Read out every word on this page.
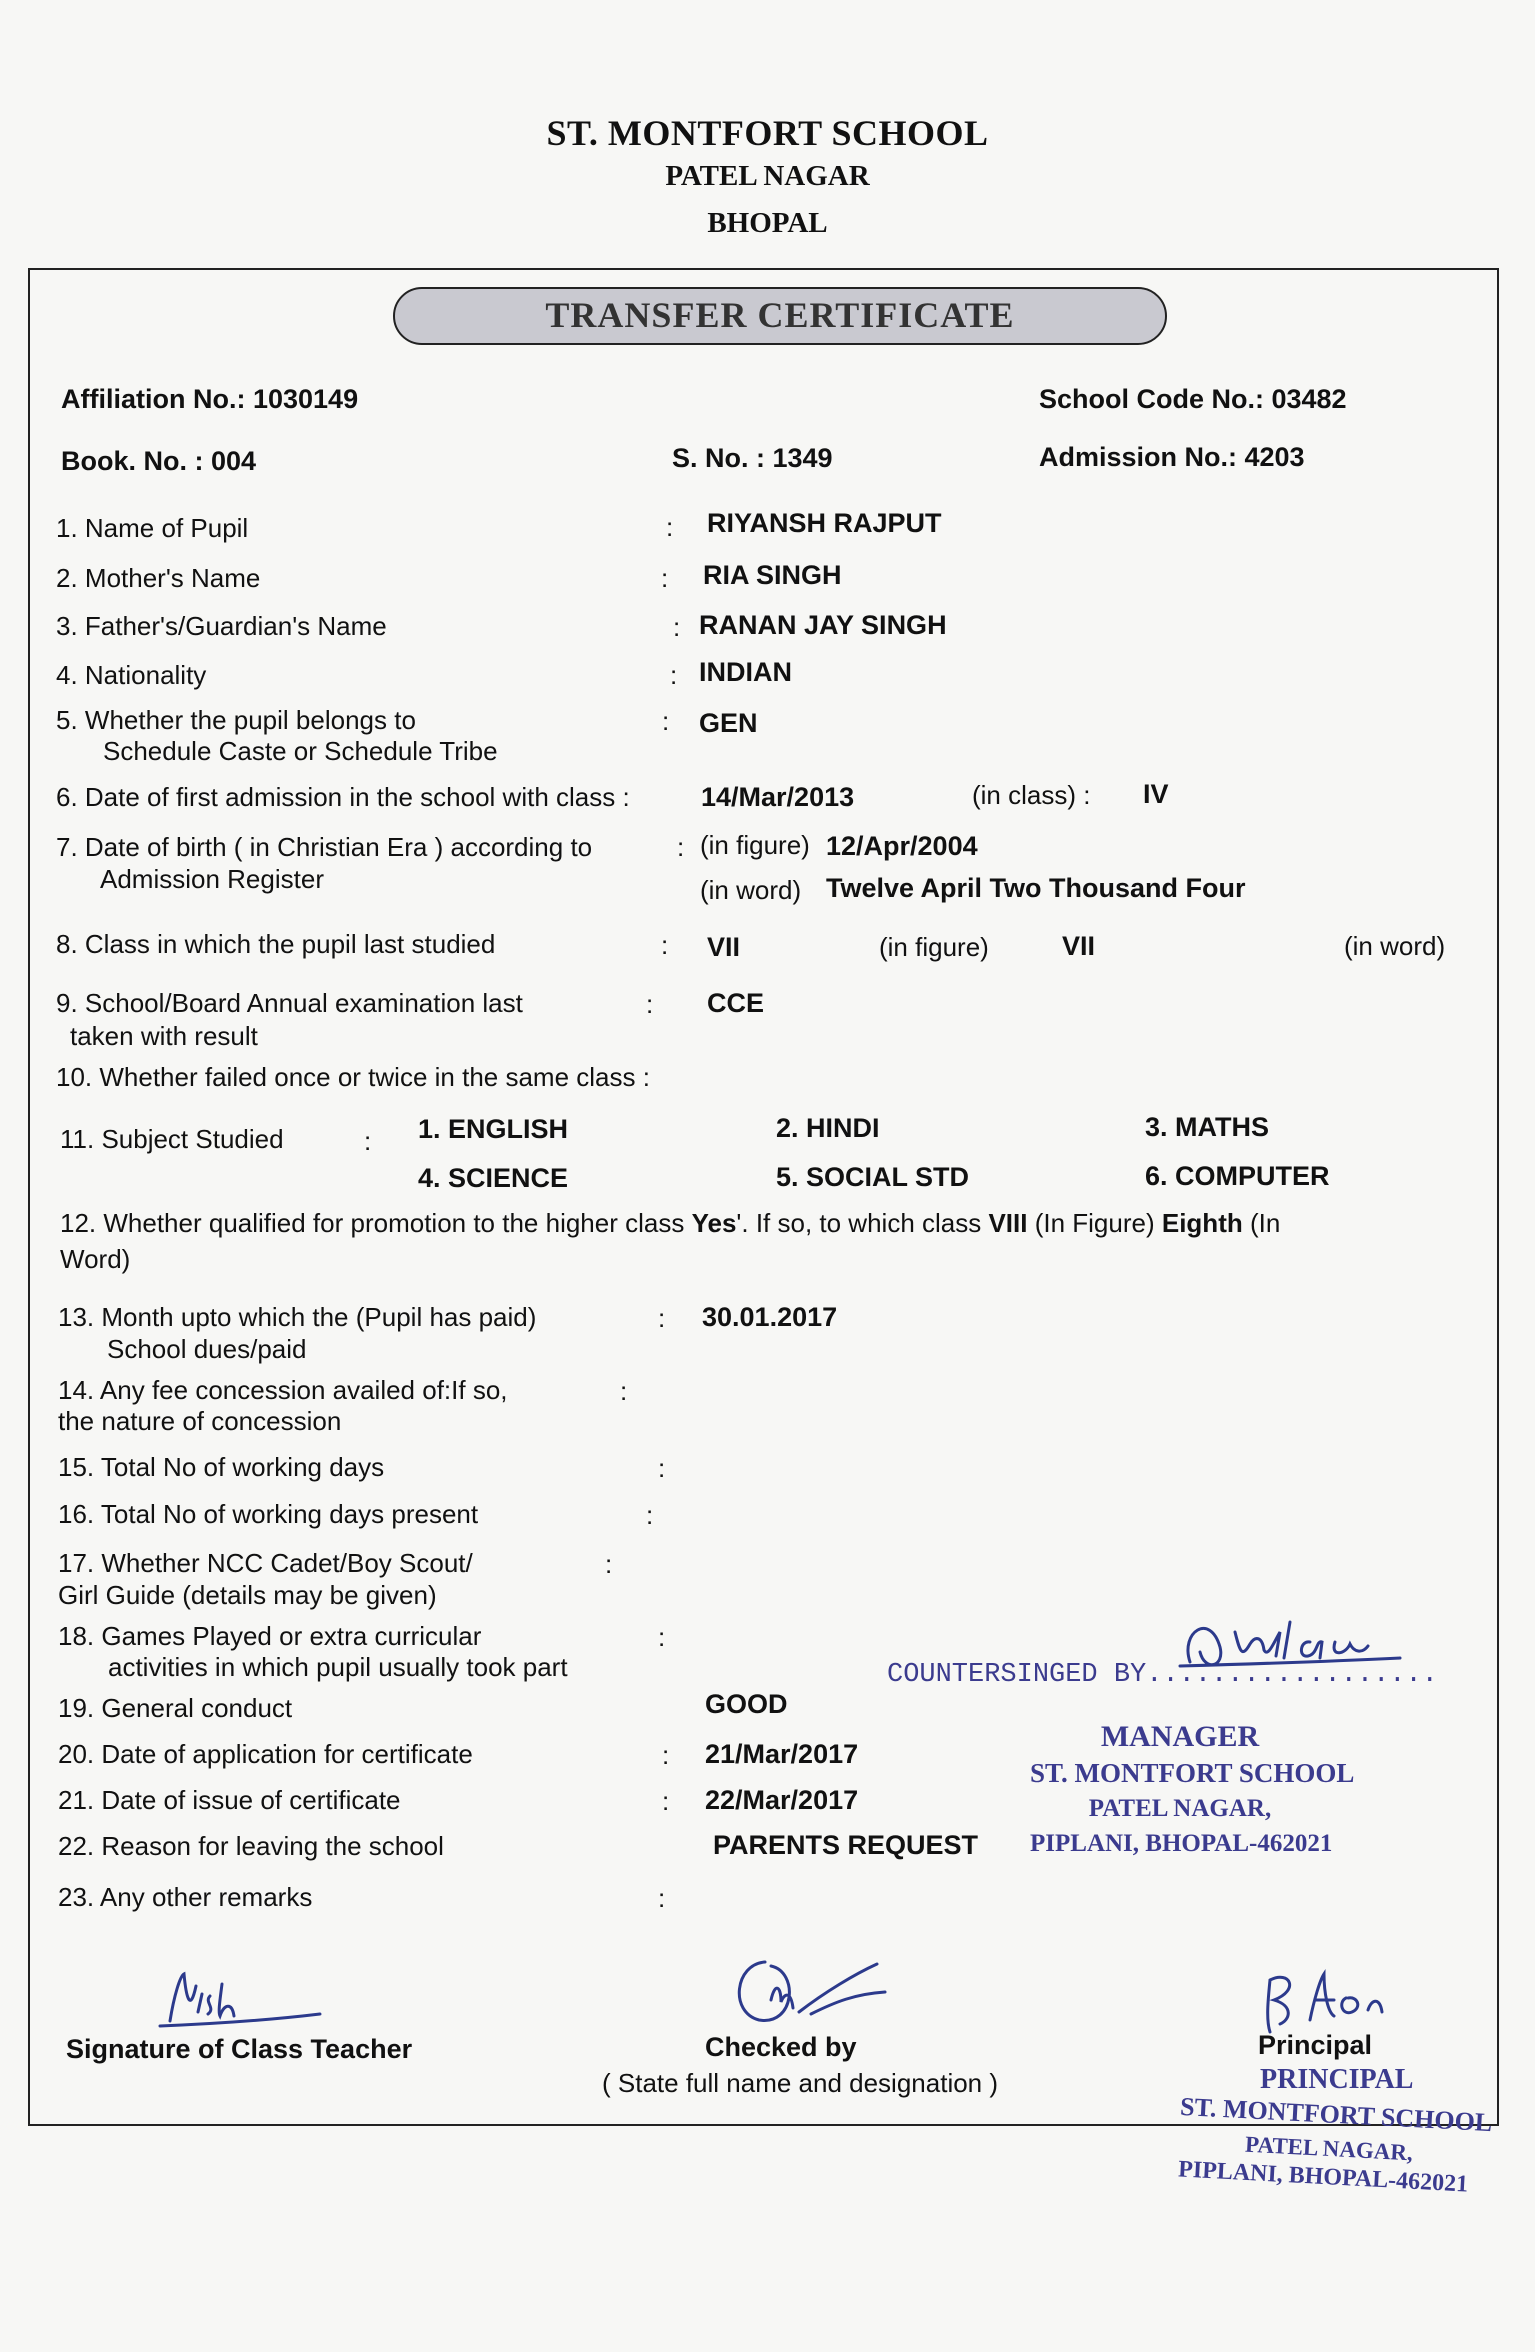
ST. MONTFORT SCHOOL
PATEL NAGAR
BHOPAL
TRANSFER CERTIFICATE
Affiliation No.: 1030149	School Code No.: 03482
Book. No. : 004	S. No. : 1349	Admission No.: 4203
1. Name of Pupil	: RIYANSH RAJPUT
2. Mother's Name	: RIA SINGH
3. Father's/Guardian's Name	: RANAN JAY SINGH
4. Nationality	: INDIAN
5. Whether the pupil belongs to
Schedule Caste or Schedule Tribe
: GEN
6. Date of first admission in the school with class :	14/Mar/2013	(in class) : IV
7. Date of birth ( in Christian Era ) according to
Admission Register
: (in figure) 12/Apr/2004
(in word) Twelve April Two Thousand Four
8. Class in which the pupil last studied	: VII	(in figure)	VII	(in word)
9. School/Board Annual examination last
taken with result
: CCE
10. Whether failed once or twice in the same class :
11. Subject Studied	: 1. ENGLISH	2. HINDI	3. MATHS
4. SCIENCE	5. SOCIAL STD	6. COMPUTER
12. Whether qualified for promotion to the higher class Yes'. If so, to which class VIII (In Figure) Eighth (In
Word)
13. Month upto which the (Pupil has paid)
School dues/paid
: 30.01.2017
14. Any fee concession availed of:If so,
the nature of concession
:
15. Total No of working days	:
16. Total No of working days present	:
17. Whether NCC Cadet/Boy Scout/
Girl Guide (details may be given)
:
18. Games Played or extra curricular
activities in which pupil usually took part
:
19. General conduct	GOOD
20. Date of application for certificate	: 21/Mar/2017
21. Date of issue of certificate	: 22/Mar/2017
22. Reason for leaving the school	PARENTS REQUEST
23. Any other remarks	:
COUNTERSINGED BY..................
MANAGER
ST. MONTFORT SCHOOL
PATEL NAGAR,
PIPLANI, BHOPAL-462021
Signature of Class Teacher	Checked by
( State full name and designation )
Principal
PRINCIPAL
ST. MONTFORT SCHOOL
PATEL NAGAR,
PIPLANI, BHOPAL-462021
